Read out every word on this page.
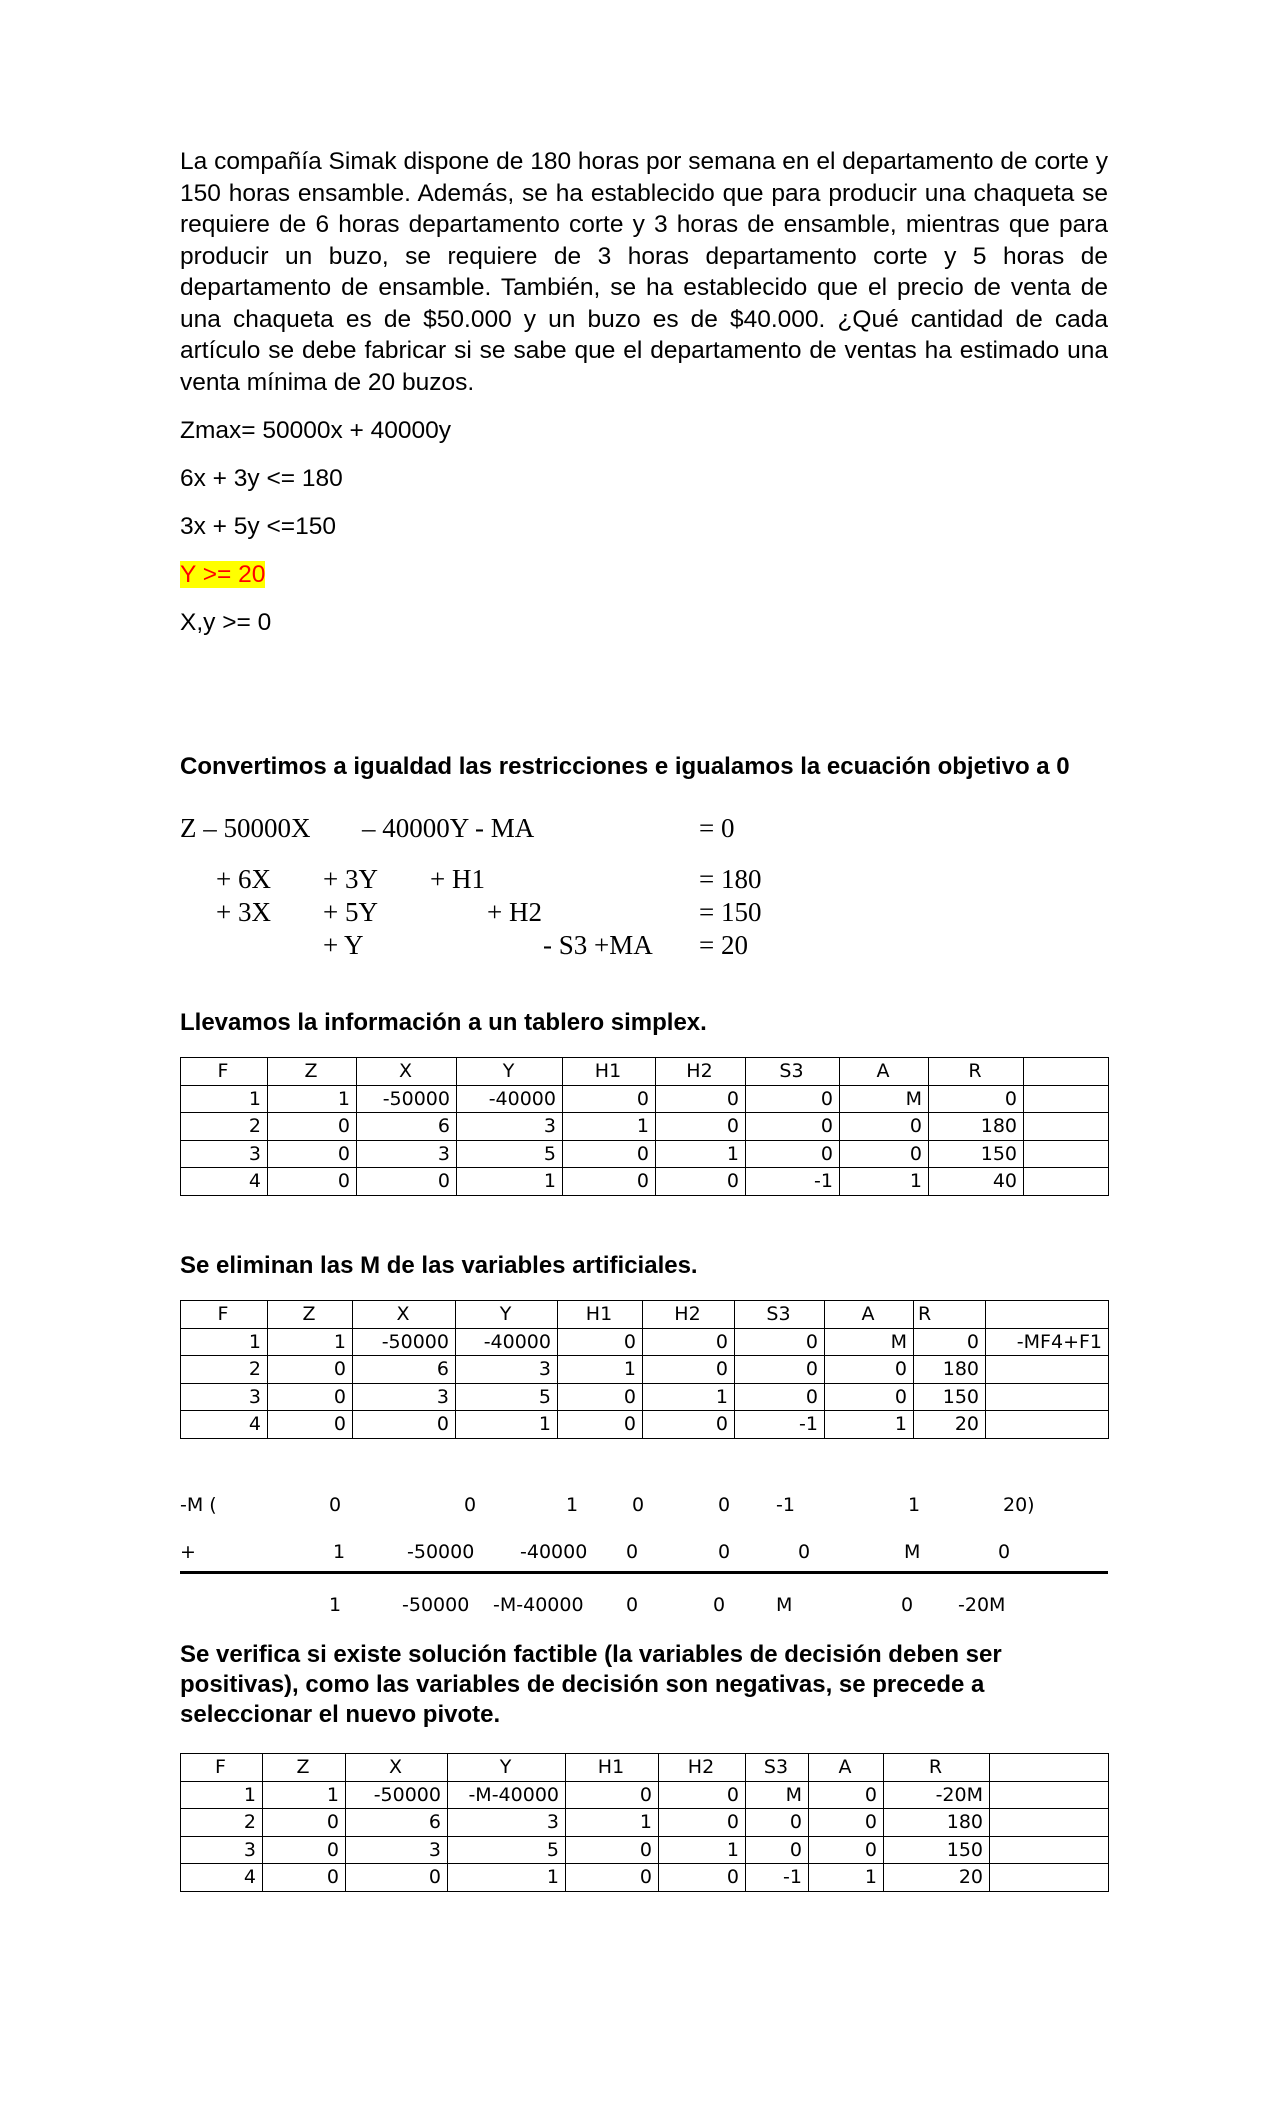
La compañía Simak dispone de 180 horas por semana en el departamento de corte y 150 horas ensamble. Además, se ha establecido que para producir una chaqueta se requiere de 6 horas departamento corte y 3 horas de ensamble, mientras que para producir un buzo, se requiere de 3 horas departamento corte y 5 horas de departamento de ensamble. También, se ha establecido que el precio de venta de una chaqueta es de $50.000 y un buzo es de $40.000. ¿Qué cantidad de cada artículo se debe fabricar si se sabe que el departamento de ventas ha estimado una venta mínima de 20 buzos.
Zmax= 50000x + 40000y
6x + 3y <= 180
3x + 5y <=150
Y >= 20
X,y >= 0
Convertimos a igualdad las restricciones e igualamos la ecuación objetivo a 0
Z – 50000X – 40000Y - MA	= 0
+ 6X + 3Y + H1	= 180
+ 3X + 5Y	+ H2	= 150
+ Y	- S3 +MA = 20
Llevamos la información a un tablero simplex.
F	Z	X	Y	H1	H2	S3	A	R	
1	1	-50000	-40000	0	0	0	M	0	
2	0	6	3	1	0	0	0	180	
3	0	3	5	0	1	0	0	150	
4	0	0	1	0	0	-1	1	40	
Se eliminan las M de las variables artificiales.
F	Z	X	Y	H1	H2	S3	A	R	
1	1	-50000	-40000	0	0	0	M	0	-MF4+F1
2	0	6	3	1	0	0	0	180	
3	0	3	5	0	1	0	0	150	
4	0	0	1	0	0	-1	1	20	
-M (	0	0	1	0	0 -1	1	20)
+	1	-50000 -40000 0	0	0	M	0
1	-50000 -M-40000 0	0	M	0 -20M
Se verifica si existe solución factible (la variables de decisión deben ser positivas), como las variables de decisión son negativas, se precede a seleccionar el nuevo pivote.
F	Z	X	Y	H1	H2	S3	A	R	
1	1	-50000	-M-40000	0	0	M	0	-20M	
2	0	6	3	1	0	0	0	180	
3	0	3	5	0	1	0	0	150	
4	0	0	1	0	0	-1	1	20	
